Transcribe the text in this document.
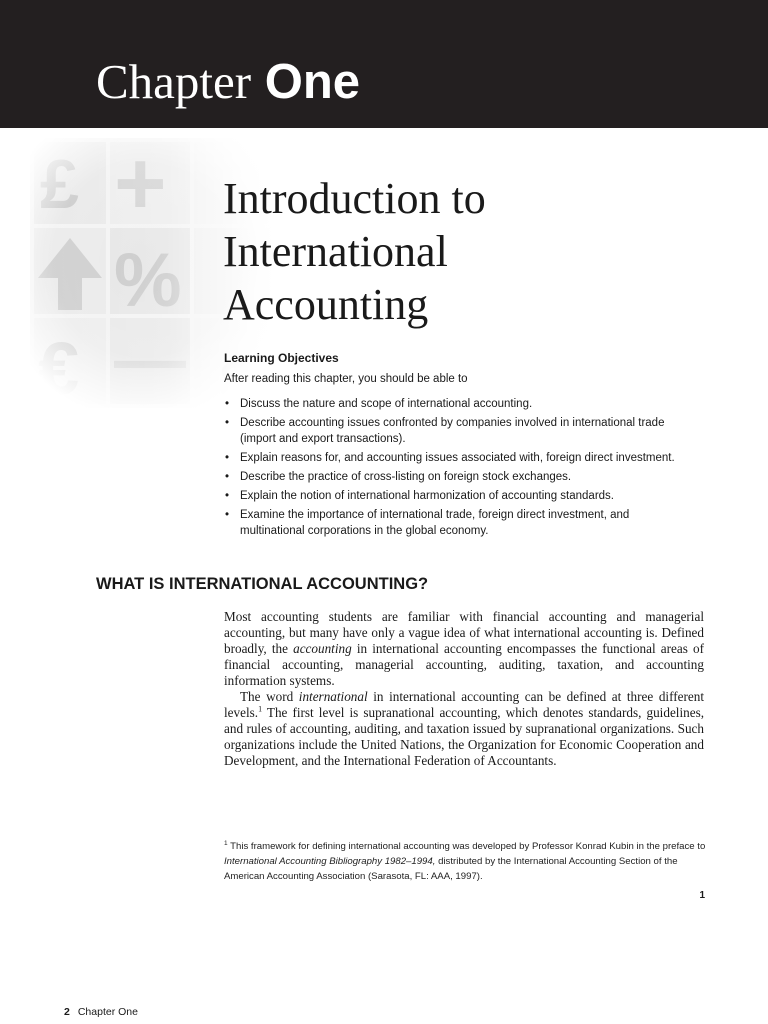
Chapter One
Introduction to
International
Accounting
Learning Objectives

After reading this chapter, you should be able to

• Discuss the nature and scope of international accounting.
• Describe accounting issues confronted by companies involved in international trade (import and export transactions).
• Explain reasons for, and accounting issues associated with, foreign direct investment.
• Describe the practice of cross-listing on foreign stock exchanges.
• Explain the notion of international harmonization of accounting standards.
• Examine the importance of international trade, foreign direct investment, and multinational corporations in the global economy.
WHAT IS INTERNATIONAL ACCOUNTING?

Most accounting students are familiar with financial accounting and managerial accounting, but many have only a vague idea of what international accounting is. Defined broadly, the accounting in international accounting encompasses the functional areas of financial accounting, managerial accounting, auditing, taxation, and accounting information systems.

The word international in international accounting can be defined at three different levels.$^1$ The first level is supranational accounting, which denotes standards, guidelines, and rules of accounting, auditing, and taxation issued by supranational organizations. Such organizations include the United Nations, the Organization for Economic Cooperation and Development, and the International Federation of Accountants.

$^1$ This framework for defining international accounting was developed by Professor Konrad Kubin in the preface to International Accounting Bibliography 1982–1994, distributed by the International Accounting Section of the American Accounting Association (Sarasota, FL: AAA, 1997).

1
2 Chapter One
